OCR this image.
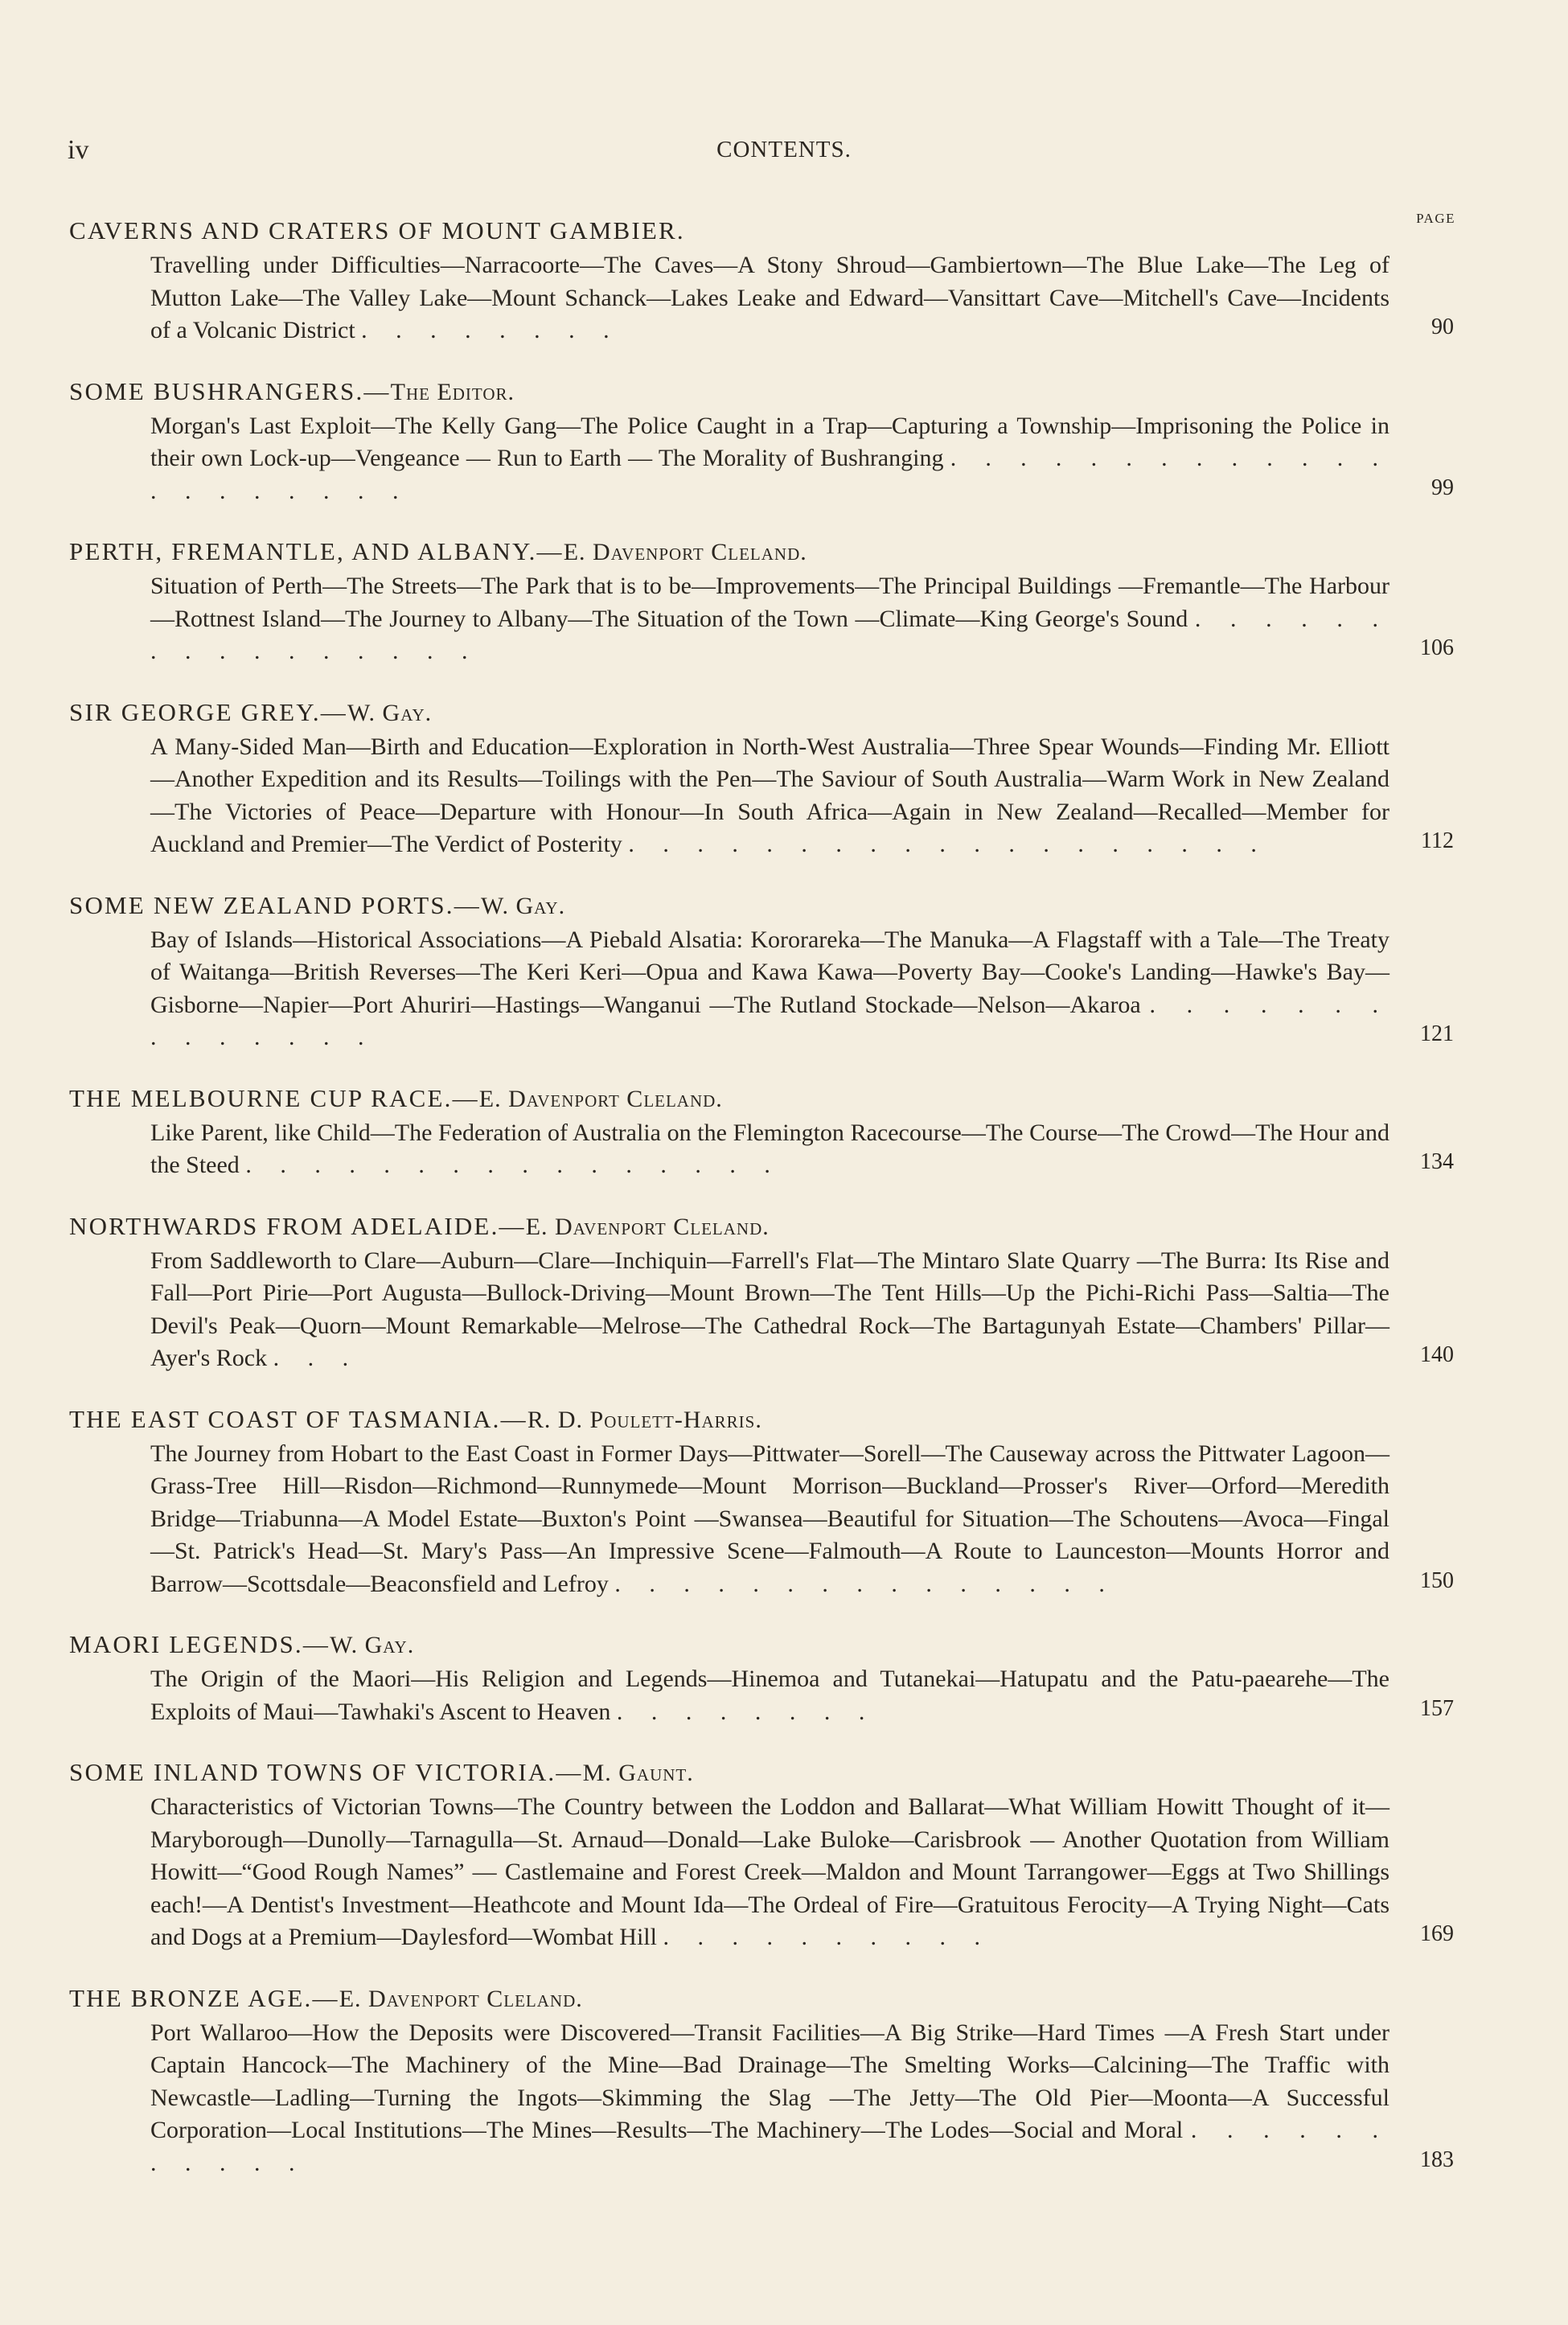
iv	CONTENTS.
PAGE
CAVERNS AND CRATERS OF MOUNT GAMBIER.
Travelling under Difficulties—Narracoorte—The Caves—A Stony Shroud—Gambiertown—The Blue Lake—The Leg of Mutton Lake—The Valley Lake—Mount Schanck—Lakes Leake and Edward—Vansittart Cave—Mitchell's Cave—Incidents of a Volcanic District . . . . . . . .	90
SOME BUSHRANGERS.—The Editor.
Morgan's Last Exploit—The Kelly Gang—The Police Caught in a Trap—Capturing a Township—Imprisoning the Police in their own Lock-up—Vengeance — Run to Earth — The Morality of Bushranging . . . . . . . . . . . . . . . . . . . . .	99
PERTH, FREMANTLE, AND ALBANY.—E. Davenport Cleland.
Situation of Perth—The Streets—The Park that is to be—Improvements—The Principal Buildings —Fremantle—The Harbour—Rottnest Island—The Journey to Albany—The Situation of the Town —Climate—King George's Sound . . . . . . . . . . . . . . . .	106
SIR GEORGE GREY.—W. Gay.
A Many-Sided Man—Birth and Education—Exploration in North-West Australia—Three Spear Wounds—Finding Mr. Elliott—Another Expedition and its Results—Toilings with the Pen—The Saviour of South Australia—Warm Work in New Zealand—The Victories of Peace—Departure with Honour—In South Africa—Again in New Zealand—Recalled—Member for Auckland and Premier—The Verdict of Posterity . . . . . . . . . . . . . . . . . . .	112
SOME NEW ZEALAND PORTS.—W. Gay.
Bay of Islands—Historical Associations—A Piebald Alsatia: Kororareka—The Manuka—A Flagstaff with a Tale—The Treaty of Waitanga—British Reverses—The Keri Keri—Opua and Kawa Kawa—Poverty Bay—Cooke's Landing—Hawke's Bay—Gisborne—Napier—Port Ahuriri—Hastings—Wanganui —The Rutland Stockade—Nelson—Akaroa . . . . . . . . . . . . . .	121
THE MELBOURNE CUP RACE.—E. Davenport Cleland.
Like Parent, like Child—The Federation of Australia on the Flemington Racecourse—The Course—The Crowd—The Hour and the Steed . . . . . . . . . . . . . . . .	134
NORTHWARDS FROM ADELAIDE.—E. Davenport Cleland.
From Saddleworth to Clare—Auburn—Clare—Inchiquin—Farrell's Flat—The Mintaro Slate Quarry —The Burra: Its Rise and Fall—Port Pirie—Port Augusta—Bullock-Driving—Mount Brown—The Tent Hills—Up the Pichi-Richi Pass—Saltia—The Devil's Peak—Quorn—Mount Remarkable—Melrose—The Cathedral Rock—The Bartagunyah Estate—Chambers' Pillar—Ayer's Rock . . .	140
THE EAST COAST OF TASMANIA.—R. D. Poulett-Harris.
The Journey from Hobart to the East Coast in Former Days—Pittwater—Sorell—The Causeway across the Pittwater Lagoon—Grass-Tree Hill—Risdon—Richmond—Runnymede—Mount Morrison—Buckland—Prosser's River—Orford—Meredith Bridge—Triabunna—A Model Estate—Buxton's Point —Swansea—Beautiful for Situation—The Schoutens—Avoca—Fingal—St. Patrick's Head—St. Mary's Pass—An Impressive Scene—Falmouth—A Route to Launceston—Mounts Horror and Barrow—Scottsdale—Beaconsfield and Lefroy . . . . . . . . . . . . . . .	150
MAORI LEGENDS.—W. Gay.
The Origin of the Maori—His Religion and Legends—Hinemoa and Tutanekai—Hatupatu and the Patu-paearehe—The Exploits of Maui—Tawhaki's Ascent to Heaven . . . . . . . .	157
SOME INLAND TOWNS OF VICTORIA.—M. Gaunt.
Characteristics of Victorian Towns—The Country between the Loddon and Ballarat—What William Howitt Thought of it—Maryborough—Dunolly—Tarnagulla—St. Arnaud—Donald—Lake Buloke—Carisbrook — Another Quotation from William Howitt—“Good Rough Names” — Castlemaine and Forest Creek—Maldon and Mount Tarrangower—Eggs at Two Shillings each!—A Dentist's Investment—Heathcote and Mount Ida—The Ordeal of Fire—Gratuitous Ferocity—A Trying Night—Cats and Dogs at a Premium—Daylesford—Wombat Hill . . . . . . . . . .	169
THE BRONZE AGE.—E. Davenport Cleland.
Port Wallaroo—How the Deposits were Discovered—Transit Facilities—A Big Strike—Hard Times —A Fresh Start under Captain Hancock—The Machinery of the Mine—Bad Drainage—The Smelting Works—Calcining—The Traffic with Newcastle—Ladling—Turning the Ingots—Skimming the Slag —The Jetty—The Old Pier—Moonta—A Successful Corporation—Local Institutions—The Mines—Results—The Machinery—The Lodes—Social and Moral . . . . . . . . . . .	183
